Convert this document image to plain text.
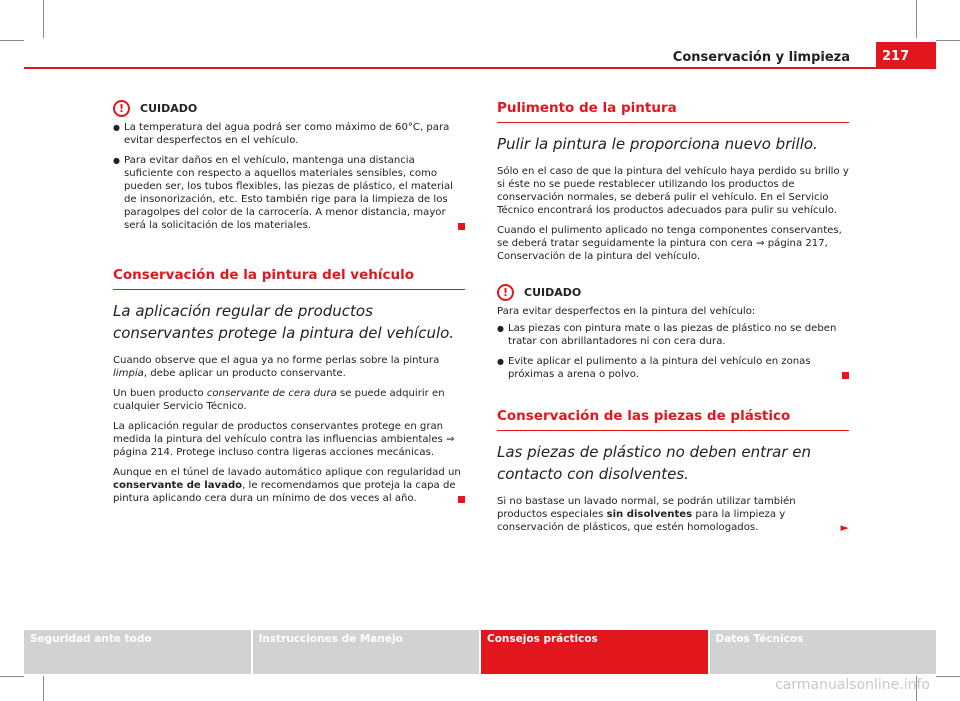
Conservación y limpieza	217
!	CUIDADO

● La temperatura del agua podrá ser como máximo de 60°C, para evitar desperfectos en el vehículo.

● Para evitar daños en el vehículo, mantenga una distancia suficiente con respecto a aquellos materiales sensibles, como pueden ser, los tubos flexibles, las piezas de plástico, el material de insonorización, etc. Esto también rige para la limpieza de los paragolpes del color de la carrocería. A menor distancia, mayor será la solicitación de los materiales.

Conservación de la pintura del vehículo

La aplicación regular de productos conservantes protege la pintura del vehículo.

Cuando observe que el agua ya no forme perlas sobre la pintura limpia, debe aplicar un producto conservante.

Un buen producto conservante de cera dura se puede adquirir en cualquier Servicio Técnico.

La aplicación regular de productos conservantes protege en gran medida la pintura del vehículo contra las influencias ambientales ⇒ página 214. Protege incluso contra ligeras acciones mecánicas.

Aunque en el túnel de lavado automático aplique con regularidad un conservante de lavado, le recomendamos que proteja la capa de pintura aplicando cera dura un mínimo de dos veces al año.

Pulimento de la pintura

Pulir la pintura le proporciona nuevo brillo.

Sólo en el caso de que la pintura del vehículo haya perdido su brillo y si éste no se puede restablecer utilizando los productos de conservación normales, se deberá pulir el vehículo. En el Servicio Técnico encontrará los productos adecuados para pulir su vehículo.

Cuando el pulimento aplicado no tenga componentes conservantes, se deberá tratar seguidamente la pintura con cera ⇒ página 217, Conservación de la pintura del vehículo.

!	CUIDADO

Para evitar desperfectos en la pintura del vehículo:

● Las piezas con pintura mate o las piezas de plástico no se deben tratar con abrillantadores ni con cera dura.

● Evite aplicar el pulimento a la pintura del vehículo en zonas próximas a arena o polvo.

Conservación de las piezas de plástico

Las piezas de plástico no deben entrar en contacto con disolventes.

Si no bastase un lavado normal, se podrán utilizar también productos especiales sin disolventes para la limpieza y conservación de plásticos, que estén homologados.	►

Seguridad ante todo	Instrucciones de Manejo	Consejos prácticos	Datos Técnicos
carmanualsonline.info
